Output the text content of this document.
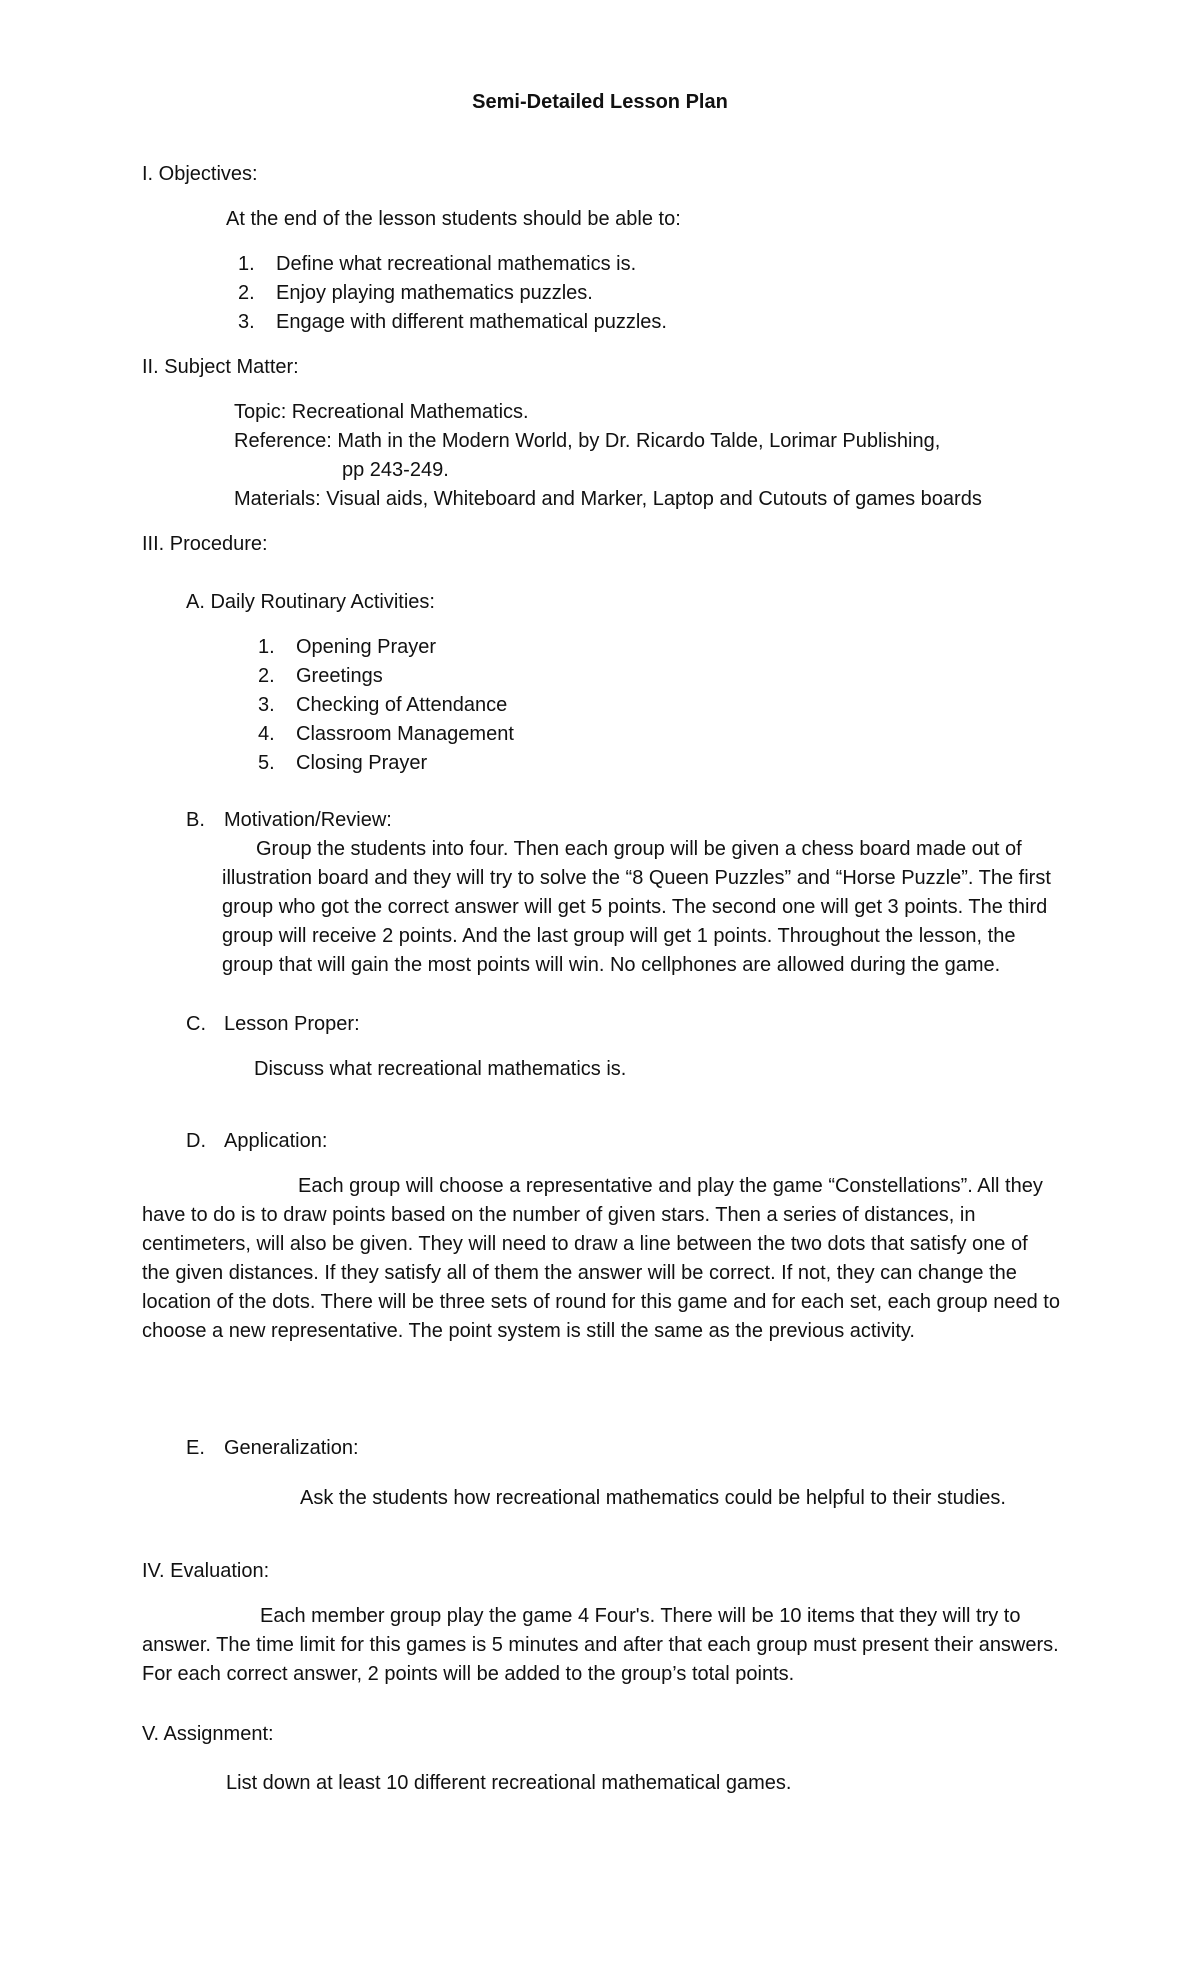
Semi-Detailed Lesson Plan
I. Objectives:
At the end of the lesson students should be able to:
1. Define what recreational mathematics is.
2. Enjoy playing mathematics puzzles.
3. Engage with different mathematical puzzles.
II. Subject Matter:
Topic: Recreational Mathematics.
Reference: Math in the Modern World, by Dr. Ricardo Talde, Lorimar Publishing,
pp 243-249.
Materials: Visual aids, Whiteboard and Marker, Laptop and Cutouts of games boards
III. Procedure:
A. Daily Routinary Activities:
1. Opening Prayer
2. Greetings
3. Checking of Attendance
4. Classroom Management
5. Closing Prayer
B. Motivation/Review:
Group the students into four. Then each group will be given a chess board made out of
illustration board and they will try to solve the “8 Queen Puzzles” and “Horse Puzzle”. The first
group who got the correct answer will get 5 points. The second one will get 3 points. The third
group will receive 2 points. And the last group will get 1 points. Throughout the lesson, the
group that will gain the most points will win. No cellphones are allowed during the game.
C. Lesson Proper:
Discuss what recreational mathematics is.
D. Application:
Each group will choose a representative and play the game “Constellations”. All they
have to do is to draw points based on the number of given stars. Then a series of distances, in
centimeters, will also be given. They will need to draw a line between the two dots that satisfy one of
the given distances. If they satisfy all of them the answer will be correct. If not, they can change the
location of the dots. There will be three sets of round for this game and for each set, each group need to
choose a new representative. The point system is still the same as the previous activity.
E. Generalization:
Ask the students how recreational mathematics could be helpful to their studies.
IV. Evaluation:
Each member group play the game 4 Four's. There will be 10 items that they will try to
answer. The time limit for this games is 5 minutes and after that each group must present their answers.
For each correct answer, 2 points will be added to the group’s total points.
V. Assignment:
List down at least 10 different recreational mathematical games.
